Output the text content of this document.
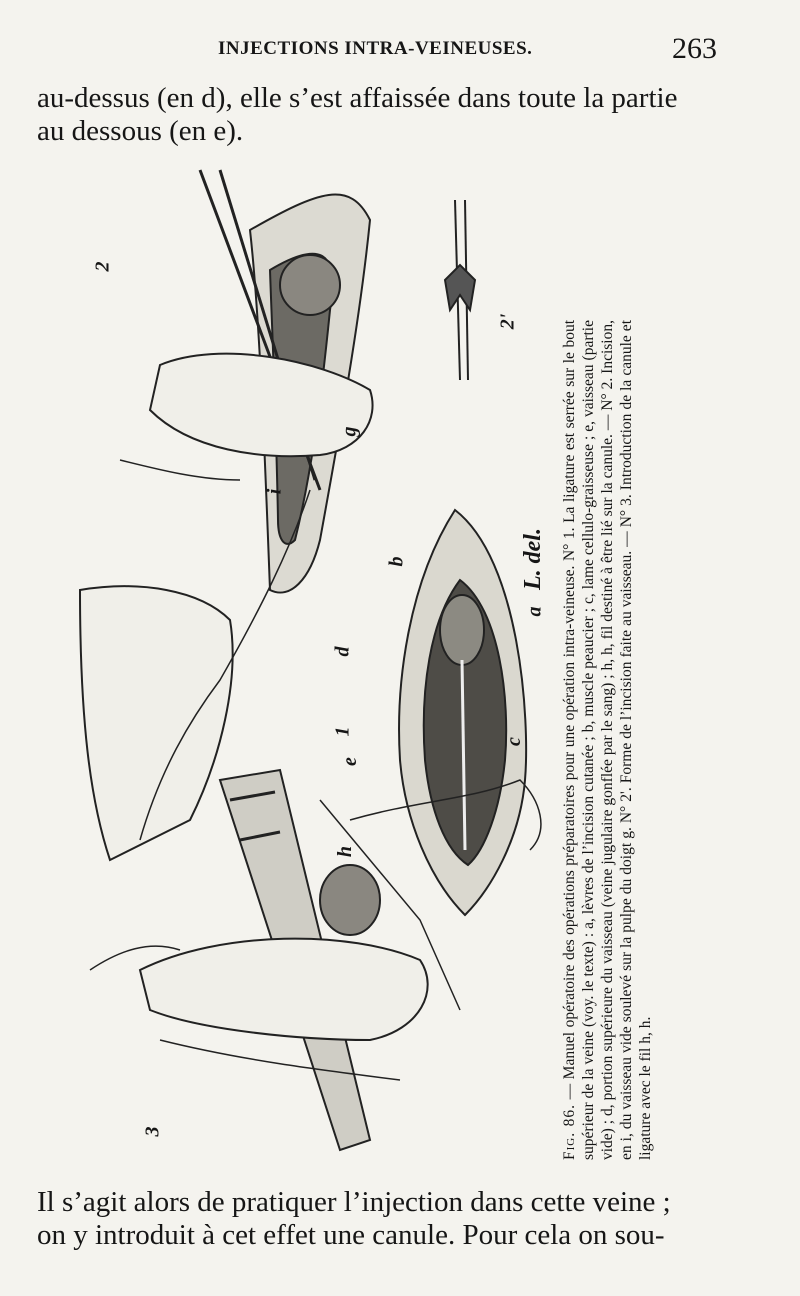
INJECTIONS INTRA-VEINEUSES.	263
au-dessus (en d), elle s’est affaissée dans toute la partie
au dessous (en e).
2
2'
1
3
a
b
c
d
e
g
h
i
L. del.

Fig. 86. — Manuel opératoire des opérations préparatoires pour une opération intra-veineuse. N° 1. La ligature est serrée sur le bout supérieur de la veine (voy. le texte) : a, lèvres de l’incision cutanée ; b, muscle peaucier ; c, lame cellulo-graisseuse ; e, vaisseau (partie vide) ; d, portion supérieure du vaisseau (veine jugulaire gonflée par le sang) ; h, h, fil destiné à être lié sur la canule. — N° 2. Incision, en i, du vaisseau vide soulevé sur la pulpe du doigt g. N° 2'. Forme de l’incision faite au vaisseau. — N° 3. Introduction de la canule et ligature avec le fil h, h.

Il s’agit alors de pratiquer l’injection dans cette veine ;
on y introduit à cet effet une canule. Pour cela on sou-
